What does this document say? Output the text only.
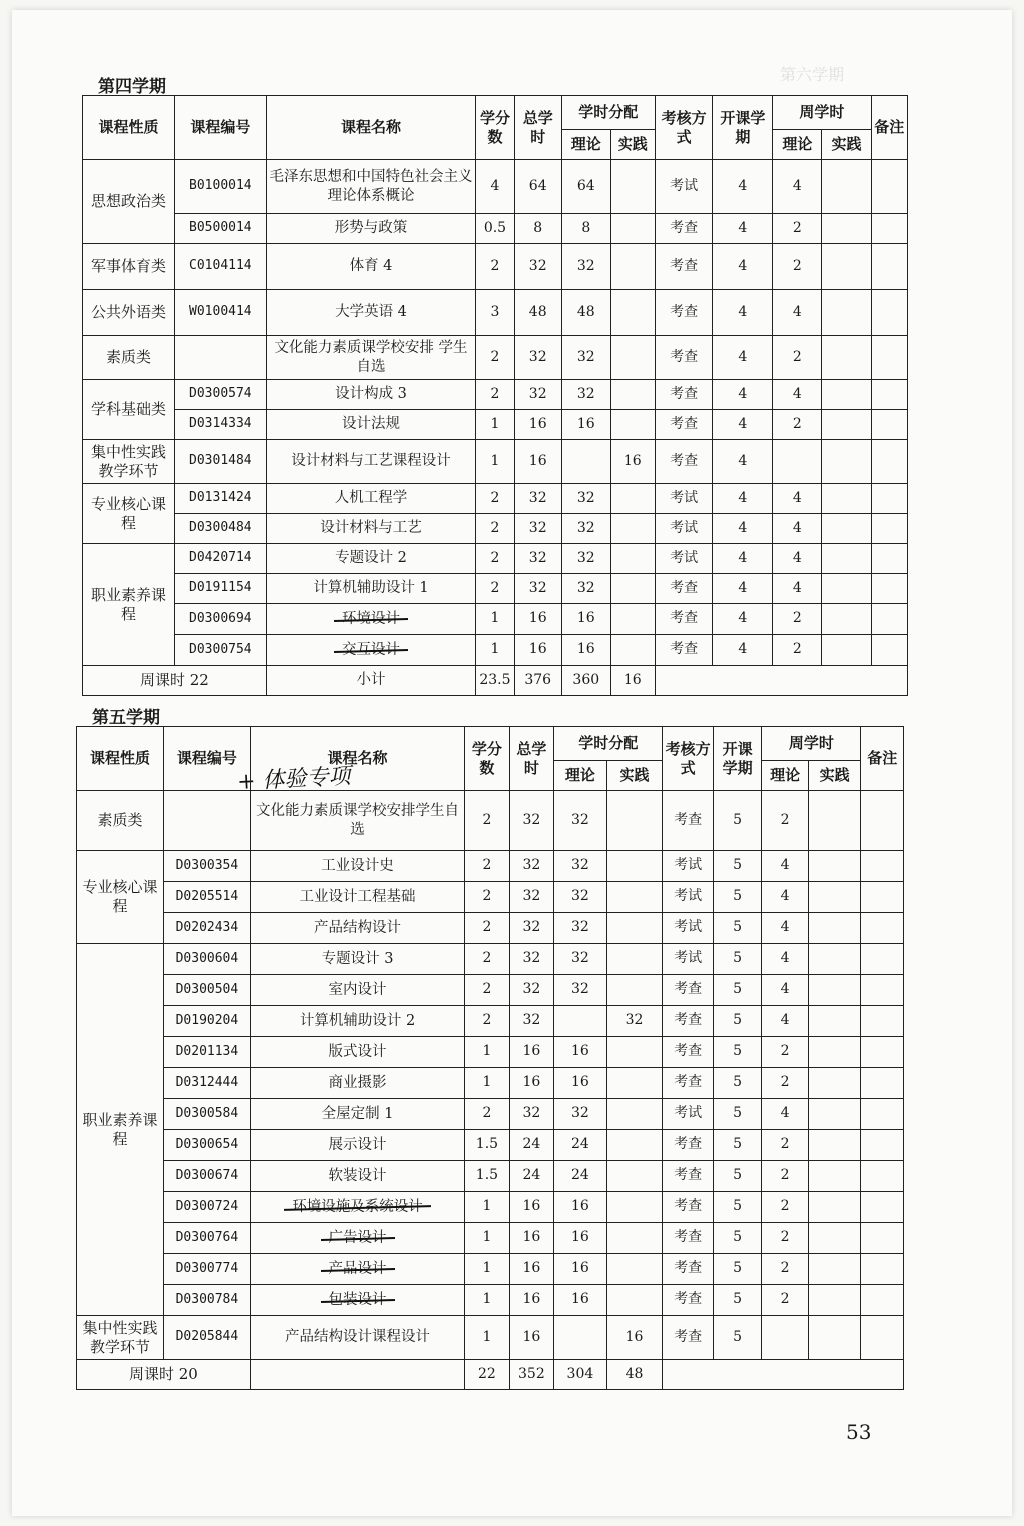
第六学期
第四学期
课程性质	课程编号	课程名称	学分数	总学时	学时分配		考核方式	开课学期	周学时		备注
					理论	实践			理论	实践	
思想政治类	B0100014	毛泽东思想和中国特色社会主义理论体系概论	4	64	64		考试	4	4		
	B0500014	形势与政策	0.5	8	8		考查	4	2		
军事体育类	C0104114	体育 4	2	32	32		考查	4	2		
公共外语类	W0100414	大学英语 4	3	48	48		考查	4	4		
素质类		文化能力素质课学校安排 学生自选	2	32	32		考查	4	2		
学科基础类	D0300574	设计构成 3	2	32	32		考查	4	4		
	D0314334	设计法规	1	16	16		考查	4	2		
集中性实践教学环节	D0301484	设计材料与工艺课程设计	1	16		16	考查	4			
专业核心课程	D0131424	人机工程学	2	32	32		考试	4	4		
	D0300484	设计材料与工艺	2	32	32		考试	4	4		
职业素养课程	D0420714	专题设计 2	2	32	32		考试	4	4		
	D0191154	计算机辅助设计 1	2	32	32		考查	4	4		
	D0300694	环境设计	1	16	16		考查	4	2		
	D0300754	交互设计	1	16	16		考查	4	2		
周课时 22		小计	23.5	376	360	16					
第五学期
+ 体验专项
课程性质	课程编号	课程名称	学分数	总学时	学时分配		考核方式	开课学期	周学时		备注
					理论	实践			理论	实践	
素质类		文化能力素质课学校安排学生自选	2	32	32		考查	5	2		
专业核心课程	D0300354	工业设计史	2	32	32		考试	5	4		
	D0205514	工业设计工程基础	2	32	32		考试	5	4		
	D0202434	产品结构设计	2	32	32		考试	5	4		
职业素养课程	D0300604	专题设计 3	2	32	32		考试	5	4		
	D0300504	室内设计	2	32	32		考查	5	4		
	D0190204	计算机辅助设计 2	2	32		32	考查	5	4		
	D0201134	版式设计	1	16	16		考查	5	2		
	D0312444	商业摄影	1	16	16		考查	5	2		
	D0300584	全屋定制 1	2	32	32		考试	5	4		
	D0300654	展示设计	1.5	24	24		考查	5	2		
	D0300674	软装设计	1.5	24	24		考查	5	2		
	D0300724	环境设施及系统设计	1	16	16		考查	5	2		
	D0300764	广告设计	1	16	16		考查	5	2		
	D0300774	产品设计	1	16	16		考查	5	2		
	D0300784	包装设计	1	16	16		考查	5	2		
集中性实践教学环节	D0205844	产品结构设计课程设计	1	16		16	考查	5			
周课时 20			22	352	304	48					
53
